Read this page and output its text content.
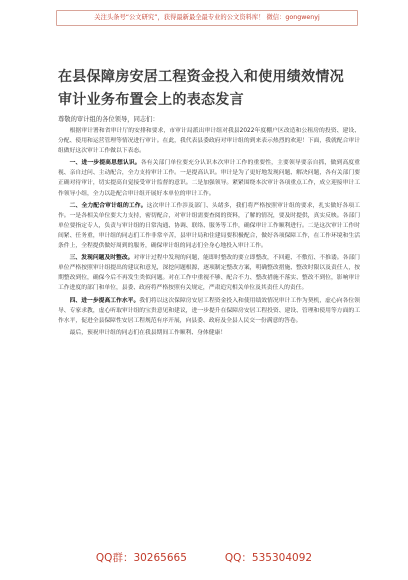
关注头条号“公文研究”，获得最新最全最专业的公文资料库！ 微信：gongwenyj
在县保障房安居工程资金投入和使用绩效情况审计业务布置会上的表态发言
尊敬的审计组的各位领导，同志们：

根据审计署和省审计厅的安排和要求，市审计局派出审计组对我县2022年度棚户区改造和公租房的投资、建设、分配、使用和运营管理等情况进行审计。在此，我代表县委政府对审计组的到来表示热烈的欢迎！下面，我就配合审计组做好这次审计工作做以下表态。

一、进一步提高思想认识。各有关部门单位要充分认识本次审计工作的重要性，主要领导要亲自抓，做到高度重视、亲自过问、主动配合，全力支持审计工作。一是提高认识。审计是为了更好地发现问题、解决问题，各有关部门要正确对待审计，切实提高自觉接受审计监督的意识。二是加强领导。紧紧围绕本次审计各项重点工作，成立迎接审计工作领导小组，全力以赴配合审计组开展好本单位的审计工作。

二、全力配合审计组的工作。这次审计工作涉及部门、头绪多，我们将严格按照审计组的要求，扎实做好各项工作。一是各相关单位要大力支持，密切配合，对审计组需要查阅的资料，了解的情况，要及时提供，真实反映。各部门单位要指定专人，负责与审计组的日常沟通、协调、联络、服务等工作，确保审计工作顺利进行。二是这次审计工作时间紧、任务重，审计组的同志们工作非常辛苦，县审计局和住建局要积极配合，做好各项保障工作，在工作环境和生活条件上，全程提供做好周到的服务，确保审计组的同志们全身心地投入审计工作。

三、发现问题及时整改。对审计过程中发现的问题，能即时整改的要立即整改，不回避、不敷衍、不推诿。各部门单位严格按照审计组提出的建议和意见，深挖问题根源，逐项制定整改方案，明确整改措施、整改时限以及责任人，按期整改到位，确保今后不再发生类似问题。对在工作中重视不够、配合不力、整改措施不落实、整改不到位，影响审计工作进度的部门和单位，县委、政府将严格按照有关规定，严肃追究相关单位及其责任人的责任。

四、进一步提高工作水平。我们将以这次保障房安居工程资金投入和使用绩效情况审计工作为契机，虚心向各位领导、专家求教，虚心听取审计组的宝贵意见和建议，进一步提升在保障房安居工程投资、建设、管理和使用等方面的工作水平，促进全县保障性安居工程规范有序开展，向县委、政府及全县人民交一份满意的答卷。

最后，预祝审计组的同志们在我县期间工作顺利、身体健康！

QQ群：30265665	QQ：535304092
